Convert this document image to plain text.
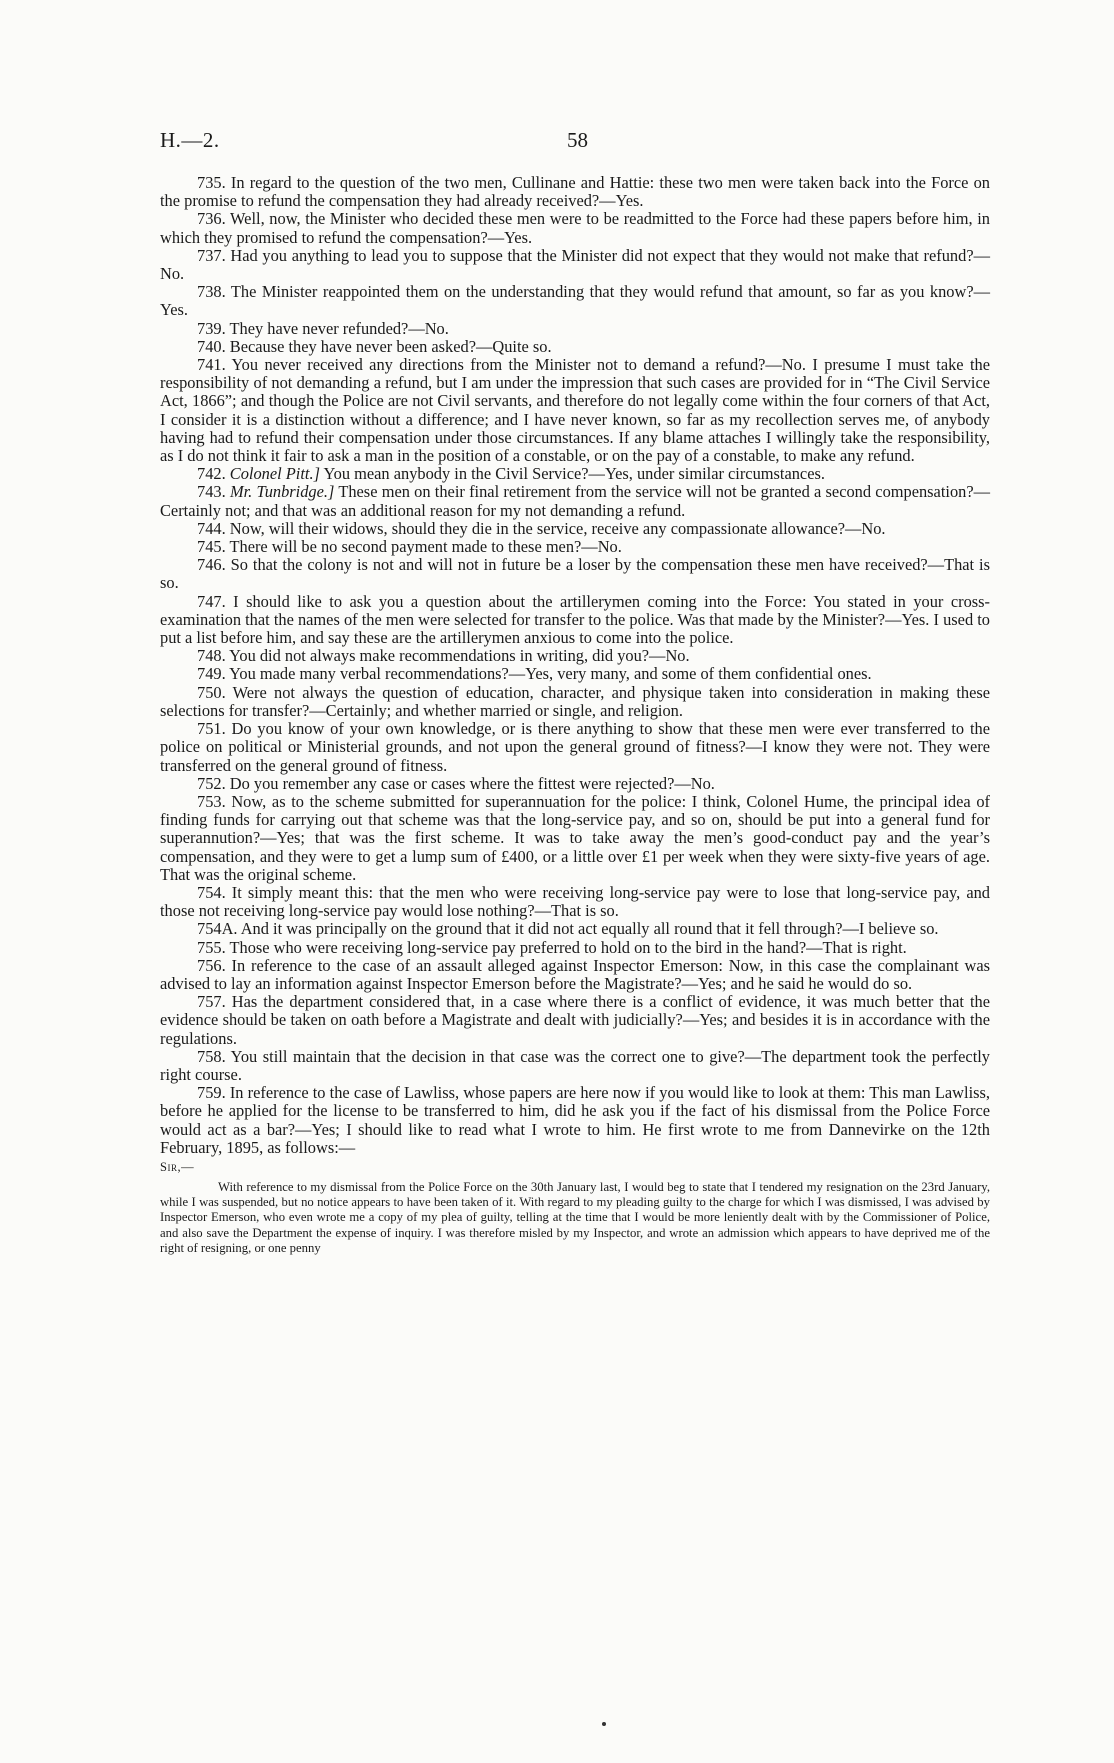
H.—2.	58

735. In regard to the question of the two men, Cullinane and Hattie: these two men were taken back into the Force on the promise to refund the compensation they had already received?—Yes.

736. Well, now, the Minister who decided these men were to be readmitted to the Force had these papers before him, in which they promised to refund the compensation?—Yes.

737. Had you anything to lead you to suppose that the Minister did not expect that they would not make that refund?—No.

738. The Minister reappointed them on the understanding that they would refund that amount, so far as you know?—Yes.

739. They have never refunded?—No.

740. Because they have never been asked?—Quite so.

741. You never received any directions from the Minister not to demand a refund?—No. I presume I must take the responsibility of not demanding a refund, but I am under the impression that such cases are provided for in “The Civil Service Act, 1866”; and though the Police are not Civil servants, and therefore do not legally come within the four corners of that Act, I consider it is a distinction without a difference; and I have never known, so far as my recollection serves me, of anybody having had to refund their compensation under those circumstances. If any blame attaches I willingly take the responsibility, as I do not think it fair to ask a man in the position of a constable, or on the pay of a constable, to make any refund.

742. Colonel Pitt.] You mean anybody in the Civil Service?—Yes, under similar circumstances.

743. Mr. Tunbridge.] These men on their final retirement from the service will not be granted a second compensation?—Certainly not; and that was an additional reason for my not demanding a refund.

744. Now, will their widows, should they die in the service, receive any compassionate allowance?—No.

745. There will be no second payment made to these men?—No.

746. So that the colony is not and will not in future be a loser by the compensation these men have received?—That is so.

747. I should like to ask you a question about the artillerymen coming into the Force: You stated in your cross-examination that the names of the men were selected for transfer to the police. Was that made by the Minister?—Yes. I used to put a list before him, and say these are the artillerymen anxious to come into the police.

748. You did not always make recommendations in writing, did you?—No.

749. You made many verbal recommendations?—Yes, very many, and some of them confidential ones.

750. Were not always the question of education, character, and physique taken into consideration in making these selections for transfer?—Certainly; and whether married or single, and religion.

751. Do you know of your own knowledge, or is there anything to show that these men were ever transferred to the police on political or Ministerial grounds, and not upon the general ground of fitness?—I know they were not. They were transferred on the general ground of fitness.

752. Do you remember any case or cases where the fittest were rejected?—No.

753. Now, as to the scheme submitted for superannuation for the police: I think, Colonel Hume, the principal idea of finding funds for carrying out that scheme was that the long-service pay, and so on, should be put into a general fund for superannution?—Yes; that was the first scheme. It was to take away the men’s good-conduct pay and the year’s compensation, and they were to get a lump sum of £400, or a little over £1 per week when they were sixty-five years of age. That was the original scheme.

754. It simply meant this: that the men who were receiving long-service pay were to lose that long-service pay, and those not receiving long-service pay would lose nothing?—That is so.

754A. And it was principally on the ground that it did not act equally all round that it fell through?—I believe so.

755. Those who were receiving long-service pay preferred to hold on to the bird in the hand?—That is right.

756. In reference to the case of an assault alleged against Inspector Emerson: Now, in this case the complainant was advised to lay an information against Inspector Emerson before the Magistrate?—Yes; and he said he would do so.

757. Has the department considered that, in a case where there is a conflict of evidence, it was much better that the evidence should be taken on oath before a Magistrate and dealt with judicially?—Yes; and besides it is in accordance with the regulations.

758. You still maintain that the decision in that case was the correct one to give?—The department took the perfectly right course.

759. In reference to the case of Lawliss, whose papers are here now if you would like to look at them: This man Lawliss, before he applied for the license to be transferred to him, did he ask you if the fact of his dismissal from the Police Force would act as a bar?—Yes; I should like to read what I wrote to him. He first wrote to me from Dannevirke on the 12th February, 1895, as follows:—

Sir,—

With reference to my dismissal from the Police Force on the 30th January last, I would beg to state that I tendered my resignation on the 23rd January, while I was suspended, but no notice appears to have been taken of it. With regard to my pleading guilty to the charge for which I was dismissed, I was advised by Inspector Emerson, who even wrote me a copy of my plea of guilty, telling at the time that I would be more leniently dealt with by the Commissioner of Police, and also save the Department the expense of inquiry. I was therefore misled by my Inspector, and wrote an admission which appears to have deprived me of the right of resigning, or one penny
